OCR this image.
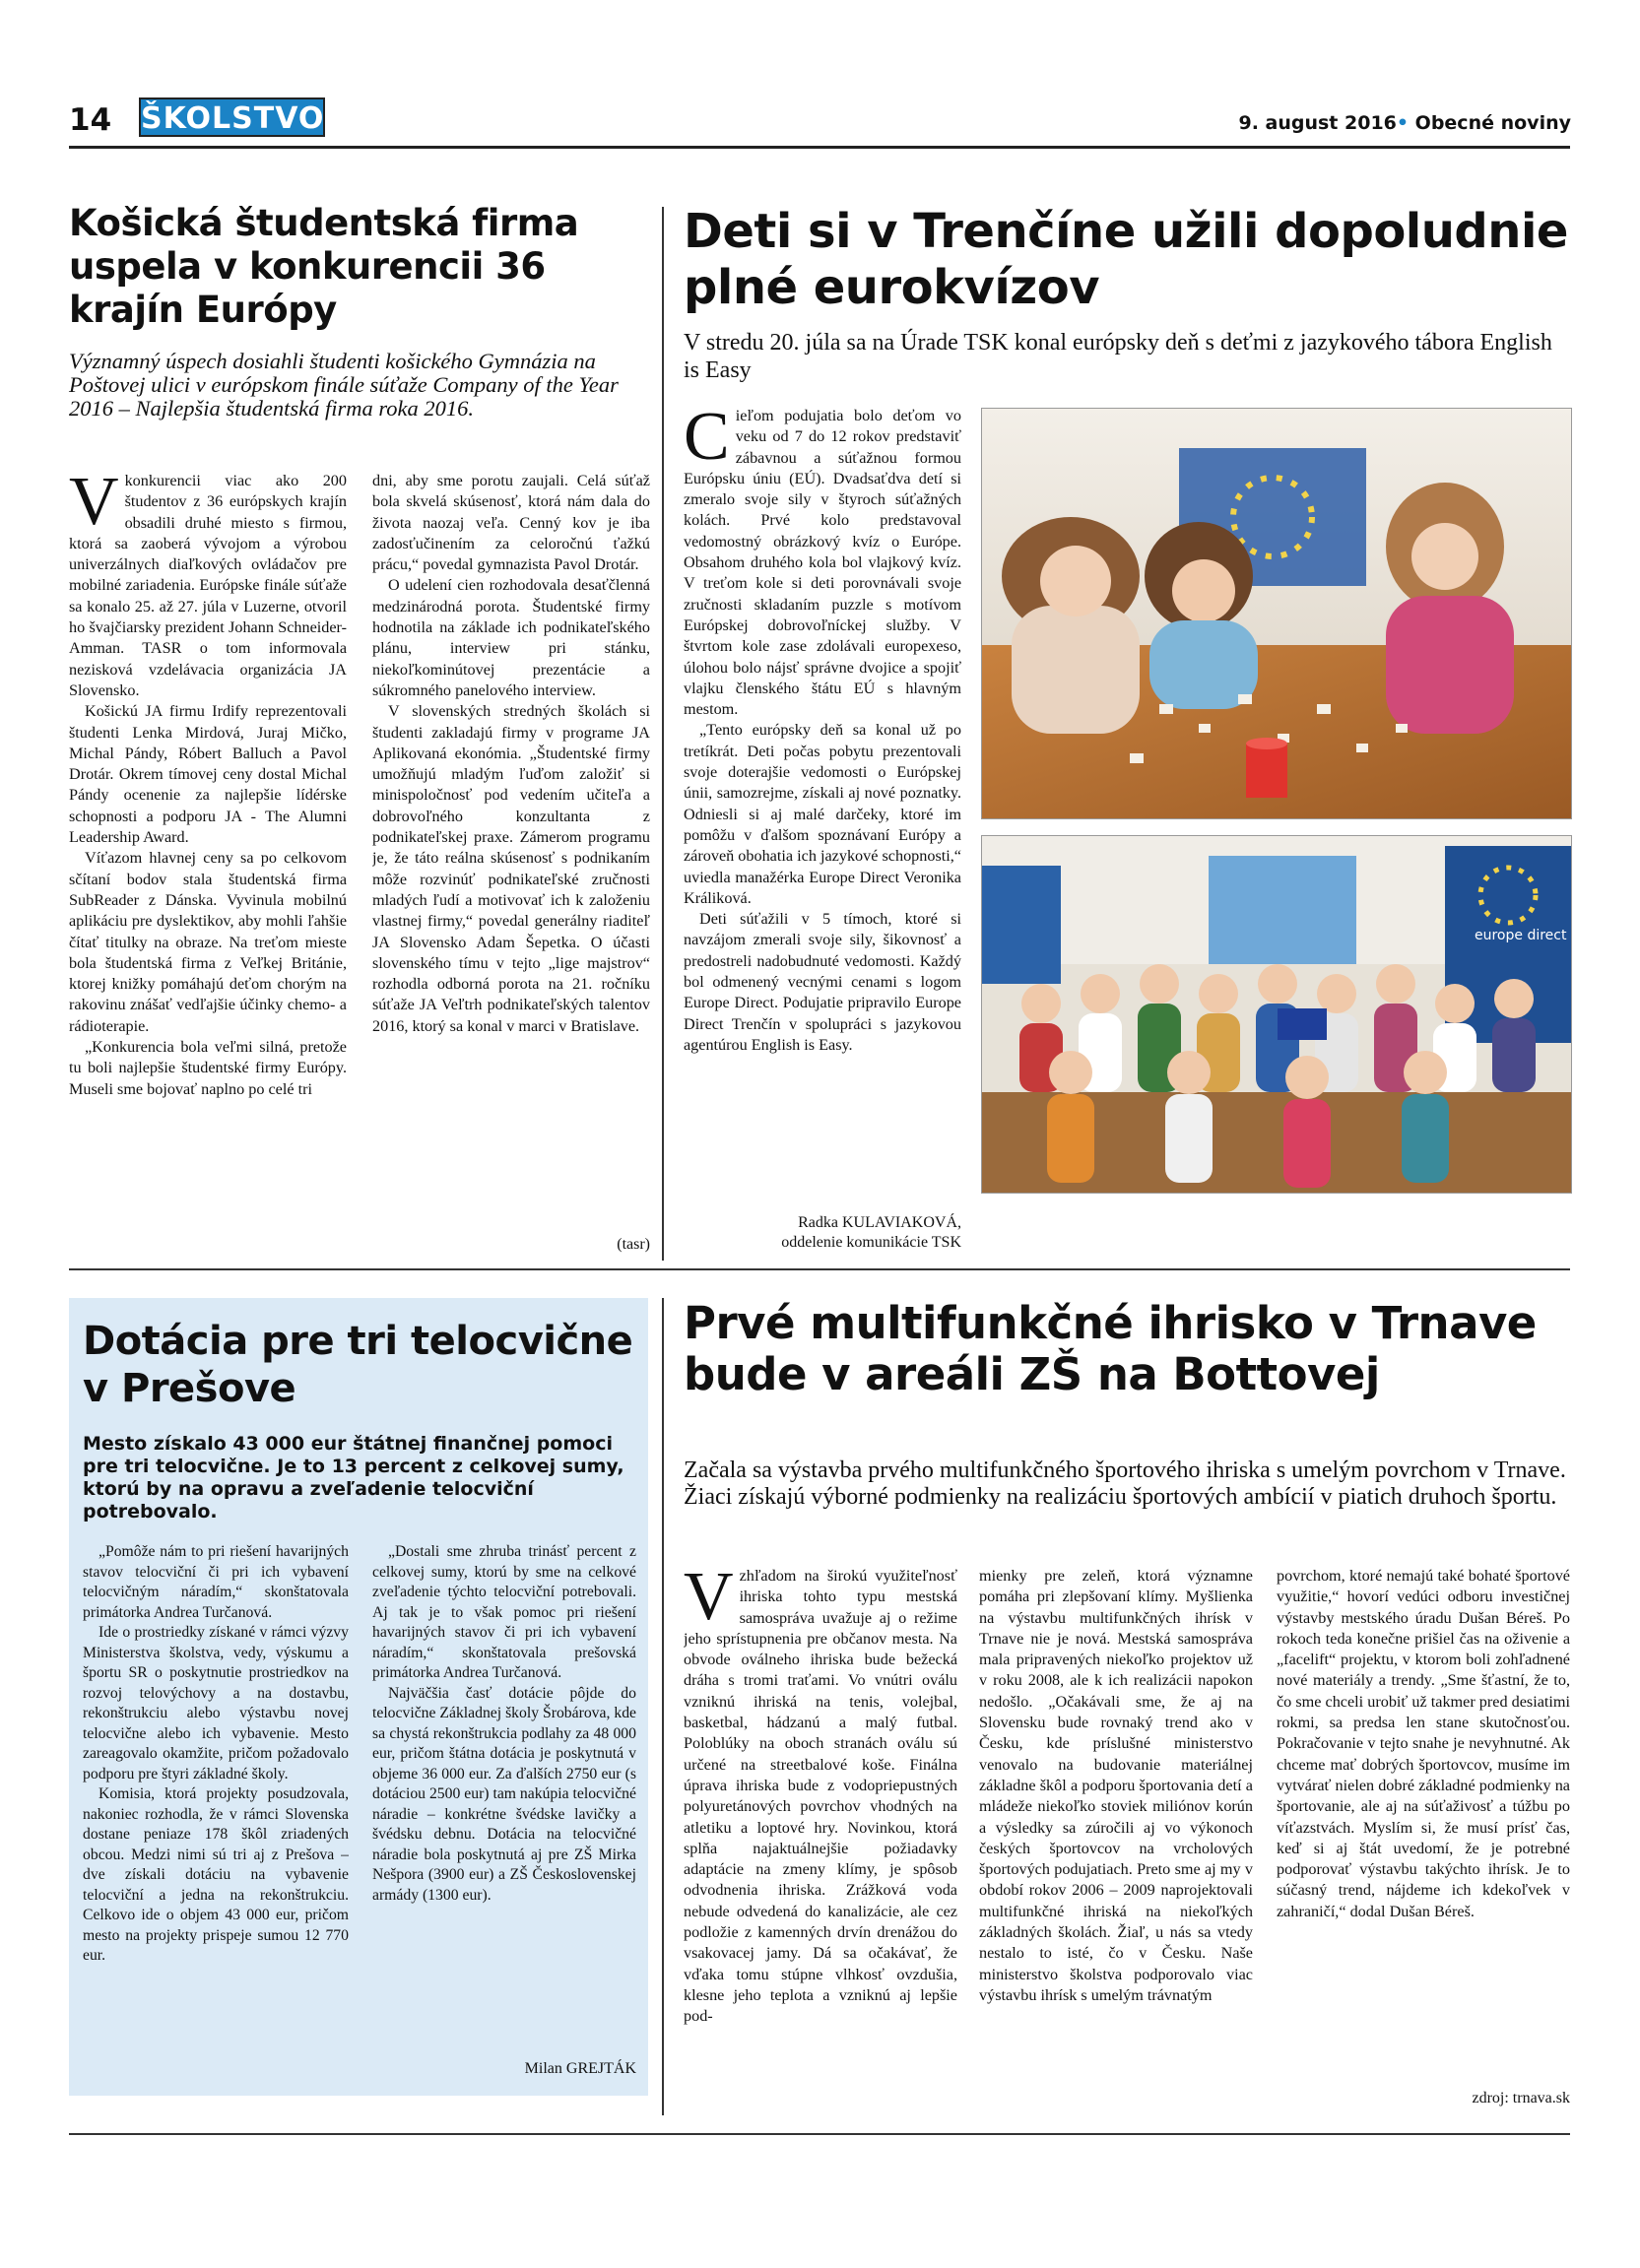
14 ŠKOLSTVO	9. august 2016• Obecné noviny
Košická študentská firma uspela v konkurencii 36 krajín Európy
Významný úspech dosiahli študenti košického Gymnázia na Poštovej ulici v európskom finále súťaže Company of the Year 2016 – Najlepšia študentská firma roka 2016.

Vkonkurencii viac ako 200 študentov z 36 európskych krajín obsadili druhé miesto s firmou, ktorá sa zaoberá vývojom a výrobou univerzálnych diaľkových ovládačov pre mobilné zariadenia. Európske finále súťaže sa konalo 25. až 27. júla v Luzerne, otvoril ho švajčiarsky prezident Johann Schneider-Amman. TASR o tom informovala nezisková vzdelávacia organizácia JA Slovensko.

Košickú JA firmu Irdify reprezentovali študenti Lenka Mirdová, Juraj Mičko, Michal Pándy, Róbert Balluch a Pavol Drotár. Okrem tímovej ceny dostal Michal Pándy ocenenie za najlepšie lídérske schopnosti a podporu JA - The Alumni Leadership Award.

Víťazom hlavnej ceny sa po celkovom sčítaní bodov stala študentská firma SubReader z Dánska. Vyvinula mobilnú aplikáciu pre dyslektikov, aby mohli ľahšie čítať titulky na obraze. Na treťom mieste bola študentská firma z Veľkej Británie, ktorej knižky pomáhajú deťom chorým na rakovinu znášať vedľajšie účinky chemo- a rádioterapie.

„Konkurencia bola veľmi silná, pretože tu boli najlepšie študentské firmy Európy. Museli sme bojovať naplno po celé tri

dni, aby sme porotu zaujali. Celá súťaž bola skvelá skúsenosť, ktorá nám dala do života naozaj veľa. Cenný kov je iba zadosťučinením za celoročnú ťažkú prácu,“ povedal gymnazista Pavol Drotár.

O udelení cien rozhodovala desaťčlenná medzinárodná porota. Študentské firmy hodnotila na základe ich podnikateľského plánu, interview pri stánku, niekoľkominútovej prezentácie a súkromného panelového interview.

V slovenských stredných školách si študenti zakladajú firmy v programe JA Aplikovaná ekonómia. „Študentské firmy umožňujú mladým ľuďom založiť si minispoločnosť pod vedením učiteľa a dobrovoľného konzultanta z podnikateľskej praxe. Zámerom programu je, že táto reálna skúsenosť s podnikaním môže rozvinúť podnikateľské zručnosti mladých ľudí a motivovať ich k založeniu vlastnej firmy,“ povedal generálny riaditeľ JA Slovensko Adam Šepetka. O účasti slovenského tímu v tejto „lige majstrov“ rozhodla odborná porota na 21. ročníku súťaže JA Veľtrh podnikateľských talentov 2016, ktorý sa konal v marci v Bratislave.

(tasr)
Deti si v Trenčíne užili dopoludnie plné eurokvízov
V stredu 20. júla sa na Úrade TSK konal európsky deň s deťmi z jazykového tábora English is Easy

Cieľom podujatia bolo deťom vo veku od 7 do 12 rokov predstaviť zábavnou a súťažnou formou Európsku úniu (EÚ). Dvadsaťdva detí si zmeralo svoje sily v štyroch súťažných kolách. Prvé kolo predstavoval vedomostný obrázkový kvíz o Európe. Obsahom druhého kola bol vlajkový kvíz. V treťom kole si deti porovnávali svoje zručnosti skladaním puzzle s motívom Európskej dobrovoľníckej služby. V štvrtom kole zase zdolávali europexeso, úlohou bolo nájsť správne dvojice a spojiť vlajku členského štátu EÚ s hlavným mestom.

„Tento európsky deň sa konal už po tretíkrát. Deti počas pobytu prezentovali svoje doterajšie vedomosti o Európskej únii, samozrejme, získali aj nové poznatky. Odniesli si aj malé darčeky, ktoré im pomôžu v ďalšom spoznávaní Európy a zároveň obohatia ich jazykové schopnosti,“ uviedla manažérka Europe Direct Veronika Králiková.

Deti súťažili v 5 tímoch, ktoré si navzájom zmerali svoje sily, šikovnosť a predostreli nadobudnuté vedomosti. Každý bol odmenený vecnými cenami s logom Europe Direct. Podujatie pripravilo Europe Direct Trenčín v spolupráci s jazykovou agentúrou English is Easy.

europe direct
Radka KULAVIAKOVÁ,
oddelenie komunikácie TSK
Dotácia pre tri telocvične v Prešove
Mesto získalo 43 000 eur štátnej finančnej pomoci pre tri telocvične. Je to 13 percent z celkovej sumy, ktorú by na opravu a zveľadenie telocviční potrebovalo.

„Pomôže nám to pri riešení havarijných stavov telocviční či pri ich vybavení telocvičným náradím,“ skonštatovala primátorka Andrea Turčanová.

Ide o prostriedky získané v rámci výzvy Ministerstva školstva, vedy, výskumu a športu SR o poskytnutie prostriedkov na rozvoj telovýchovy a na dostavbu, rekonštrukciu alebo výstavbu novej telocvične alebo ich vybavenie. Mesto zareagovalo okamžite, pričom požadovalo podporu pre štyri základné školy.

Komisia, ktorá projekty posudzovala, nakoniec rozhodla, že v rámci Slovenska dostane peniaze 178 škôl zriadených obcou. Medzi nimi sú tri aj z Prešova – dve získali dotáciu na vybavenie telocviční a jedna na rekonštrukciu. Celkovo ide o objem 43 000 eur, pričom mesto na projekty prispeje sumou 12 770 eur.

„Dostali sme zhruba trinásť percent z celkovej sumy, ktorú by sme na celkové zveľadenie týchto telocviční potrebovali. Aj tak je to však pomoc pri riešení havarijných stavov či pri ich vybavení náradím,“ skonštatovala prešovská primátorka Andrea Turčanová.

Najväčšia časť dotácie pôjde do telocvične Základnej školy Šrobárova, kde sa chystá rekonštrukcia podlahy za 48 000 eur, pričom štátna dotácia je poskytnutá v objeme 36 000 eur. Za ďalších 2750 eur (s dotáciou 2500 eur) tam nakúpia telocvičné náradie – konkrétne švédske lavičky a švédsku debnu. Dotácia na telocvičné náradie bola poskytnutá aj pre ZŠ Mirka Nešpora (3900 eur) a ZŠ Československej armády (1300 eur).

Milan GREJTÁK
Prvé multifunkčné ihrisko v Trnave bude v areáli ZŠ na Bottovej
Začala sa výstavba prvého multifunkčného športového ihriska s umelým povrchom v Trnave. Žiaci získajú výborné podmienky na realizáciu športových ambícií v piatich druhoch športu.

Vzhľadom na širokú využiteľnosť ihriska tohto typu mestská samospráva uvažuje aj o režime jeho sprístupnenia pre občanov mesta. Na obvode oválneho ihriska bude bežecká dráha s tromi traťami. Vo vnútri oválu vzniknú ihriská na tenis, volejbal, basketbal, hádzanú a malý futbal. Poloblúky na oboch stranách oválu sú určené na streetbalové koše. Finálna úprava ihriska bude z vodopriepustných polyuretánových povrchov vhodných na atletiku a loptové hry. Novinkou, ktorá splňa najaktuálnejšie požiadavky adaptácie na zmeny klímy, je spôsob odvodnenia ihriska. Zrážková voda nebude odvedená do kanalizácie, ale cez podložie z kamenných drvín drenážou do vsakovacej jamy. Dá sa očakávať, že vďaka tomu stúpne vlhkosť ovzdušia, klesne jeho teplota a vzniknú aj lepšie pod-

mienky pre zeleň, ktorá významne pomáha pri zlepšovaní klímy. Myšlienka na výstavbu multifunkčných ihrísk v Trnave nie je nová. Mestská samospráva mala pripravených niekoľko projektov už v roku 2008, ale k ich realizácii napokon nedošlo. „Očakávali sme, že aj na Slovensku bude rovnaký trend ako v Česku, kde príslušné ministerstvo venovalo na budovanie materiálnej základne škôl a podporu športovania detí a mládeže niekoľko stoviek miliónov korún a výsledky sa zúročili aj vo výkonoch českých športovcov na vrcholových športových podujatiach. Preto sme aj my v období rokov 2006 – 2009 naprojektovali multifunkčné ihriská na niekoľkých základných školách. Žiaľ, u nás sa vtedy nestalo to isté, čo v Česku. Naše ministerstvo školstva podporovalo viac výstavbu ihrísk s umelým trávnatým

povrchom, ktoré nemajú také bohaté športové využitie,“ hovorí vedúci odboru investičnej výstavby mestského úradu Dušan Béreš. Po rokoch teda konečne prišiel čas na oživenie a „facelift“ projektu, v ktorom boli zohľadnené nové materiály a trendy. „Sme šťastní, že to, čo sme chceli urobiť už takmer pred desiatimi rokmi, sa predsa len stane skutočnosťou. Pokračovanie v tejto snahe je nevyhnutné. Ak chceme mať dobrých športovcov, musíme im vytvárať nielen dobré základné podmienky na športovanie, ale aj na súťaživosť a túžbu po víťazstvách. Myslím si, že musí prísť čas, keď si aj štát uvedomí, že je potrebné podporovať výstavbu takýchto ihrísk. Je to súčasný trend, nájdeme ich kdekoľvek v zahraničí,“ dodal Dušan Béreš.

zdroj: trnava.sk
